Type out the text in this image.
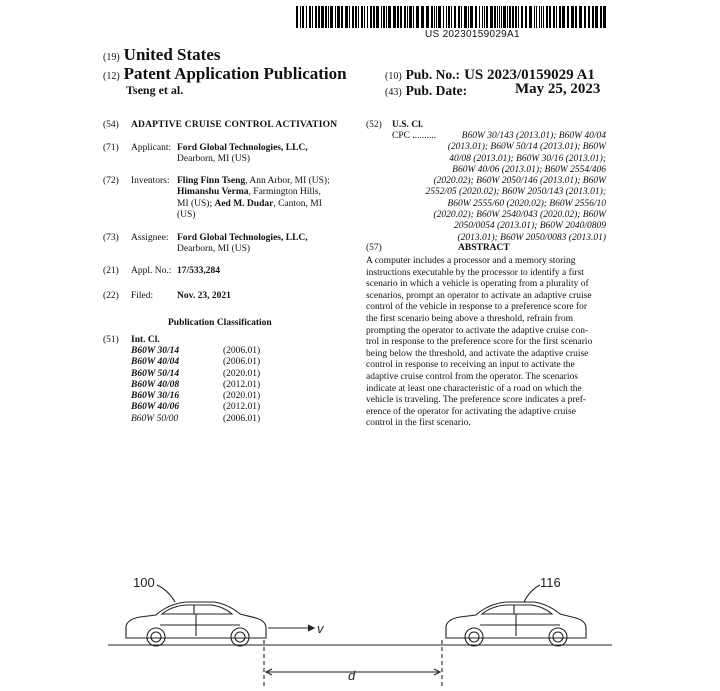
US 20230159029A1
(19) United States
(12) Patent Application Publication
Tseng et al.
(10) Pub. No.: US 2023/0159029 A1
(43) Pub. Date:	May 25, 2023
(54) ADAPTIVE CRUISE CONTROL ACTIVATION
(71) Applicant: Ford Global Technologies, LLC,
Dearborn, MI (US)
(72) Inventors: Fling Finn Tseng, Ann Arbor, MI (US);
Himanshu Verma, Farmington Hills,
MI (US); Aed M. Dudar, Canton, MI
(US)
(73) Assignee: Ford Global Technologies, LLC,
Dearborn, MI (US)
(21) Appl. No.: 17/533,284
(22) Filed:	Nov. 23, 2021
Publication Classification
(51) Int. Cl.
B60W 30/14	(2006.01)
B60W 40/04	(2006.01)
B60W 50/14	(2020.01)
B60W 40/08	(2012.01)
B60W 30/16	(2020.01)
B60W 40/06	(2012.01)
B60W 50/00	(2006.01)
(52) U.S. Cl.
CPC ..........	B60W 30/143 (2013.01); B60W 40/04
(2013.01); B60W 50/14 (2013.01); B60W
40/08 (2013.01); B60W 30/16 (2013.01);
B60W 40/06 (2013.01); B60W 2554/406
(2020.02); B60W 2050/146 (2013.01); B60W
2552/05 (2020.02); B60W 2050/143 (2013.01);
B60W 2555/60 (2020.02); B60W 2556/10
(2020.02); B60W 2540/043 (2020.02); B60W
2050/0054 (2013.01); B60W 2040/0809
(2013.01); B60W 2050/0083 (2013.01)
(57)	ABSTRACT
A computer includes a processor and a memory storing
instructions executable by the processor to identify a first
scenario in which a vehicle is operating from a plurality of
scenarios, prompt an operator to activate an adaptive cruise
control of the vehicle in response to a preference score for
the first scenario being above a threshold, refrain from
prompting the operator to activate the adaptive cruise con-
trol in response to the preference score for the first scenario
being below the threshold, and activate the adaptive cruise
control in response to receiving an input to activate the
adaptive cruise control from the operator. The scenarios
indicate at least one characteristic of a road on which the
vehicle is traveling. The preference score indicates a pref-
erence of the operator for activating the adaptive cruise
control in the first scenario.
100	116
v
d
